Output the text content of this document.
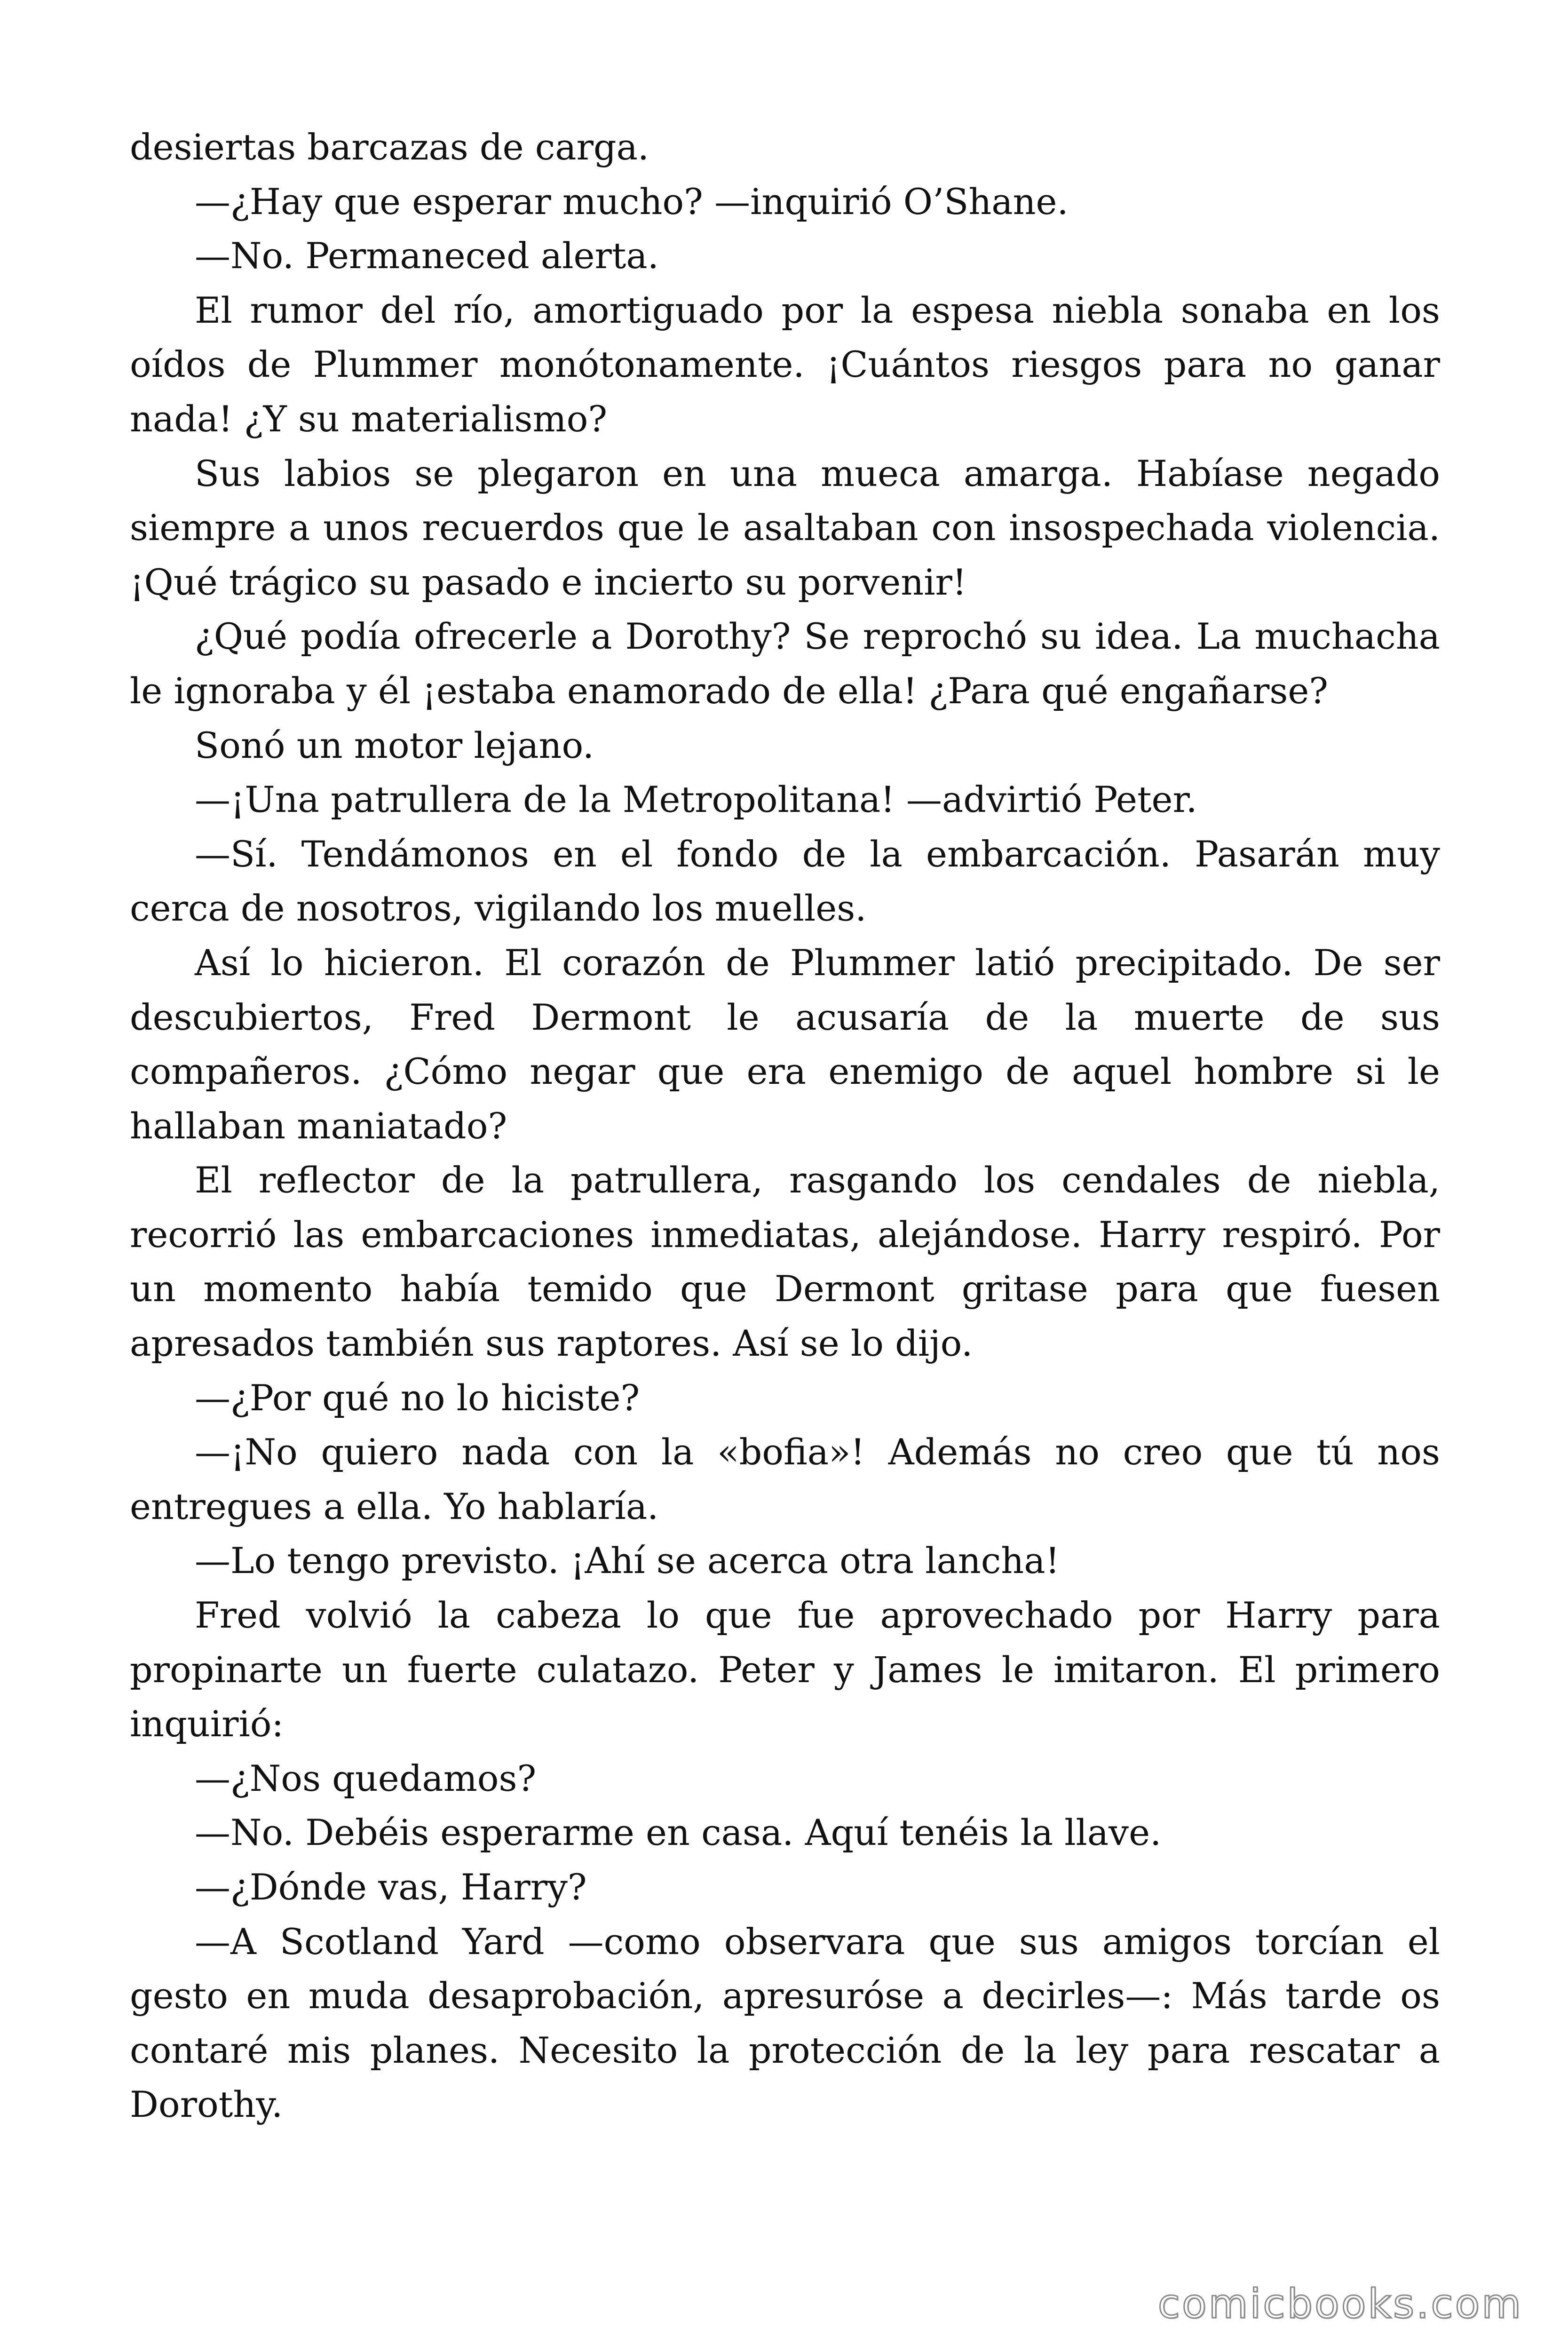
desiertas barcazas de carga.

—¿Hay que esperar mucho? —inquirió O’Shane.

—No. Permaneced alerta.

El rumor del río, amortiguado por la espesa niebla sonaba en los oídos de Plummer monótonamente. ¡Cuántos riesgos para no ganar nada! ¿Y su materialismo?

Sus labios se plegaron en una mueca amarga. Habíase negado siempre a unos recuerdos que le asaltaban con insospechada violencia. ¡Qué trágico su pasado e incierto su porvenir!

¿Qué podía ofrecerle a Dorothy? Se reprochó su idea. La muchacha le ignoraba y él ¡estaba enamorado de ella! ¿Para qué engañarse?

Sonó un motor lejano.

—¡Una patrullera de la Metropolitana! —advirtió Peter.

—Sí. Tendámonos en el fondo de la embarcación. Pasarán muy cerca de nosotros, vigilando los muelles.

Así lo hicieron. El corazón de Plummer latió precipitado. De ser descubiertos, Fred Dermont le acusaría de la muerte de sus compañeros. ¿Cómo negar que era enemigo de aquel hombre si le hallaban maniatado?

El reflector de la patrullera, rasgando los cendales de niebla, recorrió las embarcaciones inmediatas, alejándose. Harry respiró. Por un momento había temido que Dermont gritase para que fuesen apresados también sus raptores. Así se lo dijo.

—¿Por qué no lo hiciste?

—¡No quiero nada con la «bofia»! Además no creo que tú nos entregues a ella. Yo hablaría.

—Lo tengo previsto. ¡Ahí se acerca otra lancha!

Fred volvió la cabeza lo que fue aprovechado por Harry para propinarte un fuerte culatazo. Peter y James le imitaron. El primero inquirió:

—¿Nos quedamos?

—No. Debéis esperarme en casa. Aquí tenéis la llave.

—¿Dónde vas, Harry?

—A Scotland Yard —como observara que sus amigos torcían el gesto en muda desaprobación, apresuróse a decirles—: Más tarde os contaré mis planes. Necesito la protección de la ley para rescatar a Dorothy.

comicbooks.com
